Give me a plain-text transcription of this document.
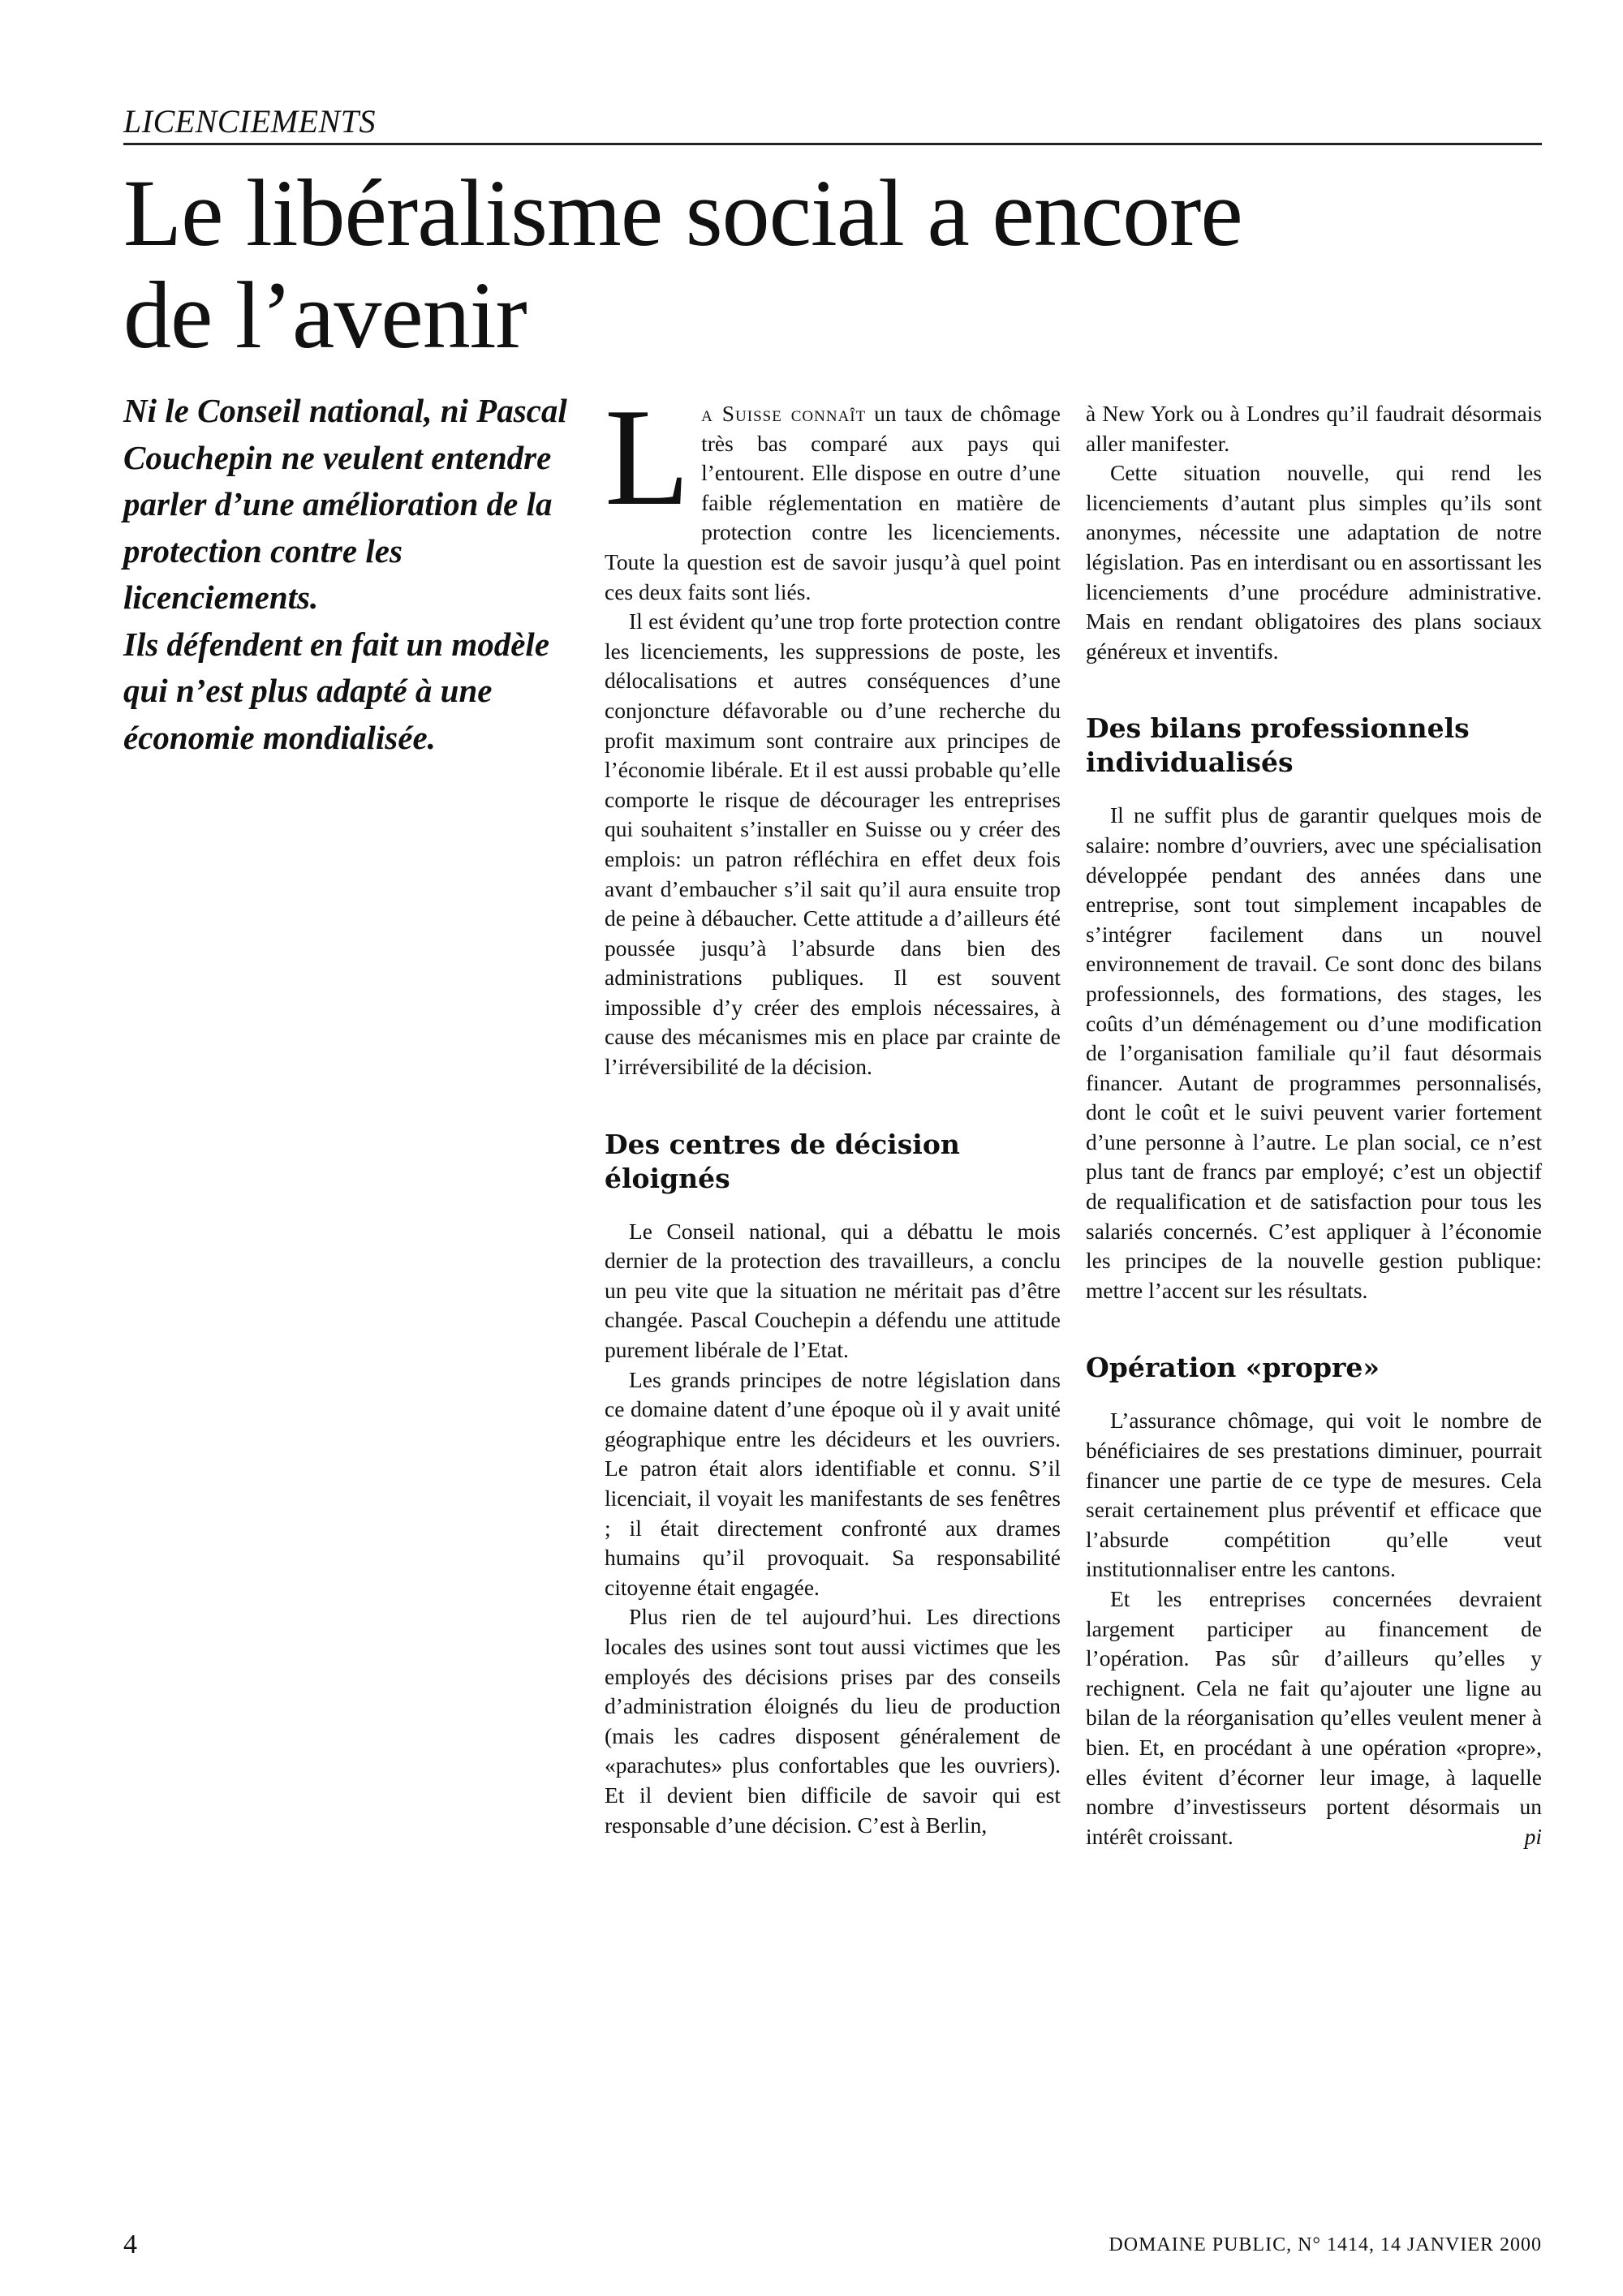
LICENCIEMENTS
Le libéralisme social a encore
de l’avenir

Ni le Conseil national, ni Pascal Couchepin ne veulent entendre parler d’une amélioration de la protection contre les licenciements.

Ils défendent en fait un modèle qui n’est plus adapté à une économie mondialisée.

La Suisse connaît un taux de chômage très bas comparé aux pays qui l’entourent. Elle dispose en outre d’une faible réglementation en matière de protection contre les licenciements. Toute la question est de savoir jusqu’à quel point ces deux faits sont liés.

Il est évident qu’une trop forte protection contre les licenciements, les suppressions de poste, les délocalisations et autres conséquences d’une conjoncture défavorable ou d’une recherche du profit maximum sont contraire aux principes de l’économie libérale. Et il est aussi probable qu’elle comporte le risque de décourager les entreprises qui souhaitent s’installer en Suisse ou y créer des emplois: un patron réfléchira en effet deux fois avant d’embaucher s’il sait qu’il aura ensuite trop de peine à débaucher. Cette attitude a d’ailleurs été poussée jusqu’à l’absurde dans bien des administrations publiques. Il est souvent impossible d’y créer des emplois nécessaires, à cause des mécanismes mis en place par crainte de l’irréversibilité de la décision.

Des centres de décision éloignés

Le Conseil national, qui a débattu le mois dernier de la protection des travailleurs, a conclu un peu vite que la situation ne méritait pas d’être changée. Pascal Couchepin a défendu une attitude purement libérale de l’Etat.

Les grands principes de notre législation dans ce domaine datent d’une époque où il y avait unité géographique entre les décideurs et les ouvriers. Le patron était alors identifiable et connu. S’il licenciait, il voyait les manifestants de ses fenêtres ; il était directement confronté aux drames humains qu’il provoquait. Sa responsabilité citoyenne était engagée.

Plus rien de tel aujourd’hui. Les directions locales des usines sont tout aussi victimes que les employés des décisions prises par des conseils d’administration éloignés du lieu de production (mais les cadres disposent généralement de «parachutes» plus confortables que les ouvriers). Et il devient bien difficile de savoir qui est responsable d’une décision. C’est à Berlin,

à New York ou à Londres qu’il faudrait désormais aller manifester.

Cette situation nouvelle, qui rend les licenciements d’autant plus simples qu’ils sont anonymes, nécessite une adaptation de notre législation. Pas en interdisant ou en assortissant les licenciements d’une procédure administrative. Mais en rendant obligatoires des plans sociaux généreux et inventifs.

Des bilans professionnels individualisés

Il ne suffit plus de garantir quelques mois de salaire: nombre d’ouvriers, avec une spécialisation développée pendant des années dans une entreprise, sont tout simplement incapables de s’intégrer facilement dans un nouvel environnement de travail. Ce sont donc des bilans professionnels, des formations, des stages, les coûts d’un déménagement ou d’une modification de l’organisation familiale qu’il faut désormais financer. Autant de programmes personnalisés, dont le coût et le suivi peuvent varier fortement d’une personne à l’autre. Le plan social, ce n’est plus tant de francs par employé; c’est un objectif de requalification et de satisfaction pour tous les salariés concernés. C’est appliquer à l’économie les principes de la nouvelle gestion publique: mettre l’accent sur les résultats.

Opération «propre»

L’assurance chômage, qui voit le nombre de bénéficiaires de ses prestations diminuer, pourrait financer une partie de ce type de mesures. Cela serait certainement plus préventif et efficace que l’absurde compétition qu’elle veut institutionnaliser entre les cantons.

Et les entreprises concernées devraient largement participer au financement de l’opération. Pas sûr d’ailleurs qu’elles y rechignent. Cela ne fait qu’ajouter une ligne au bilan de la réorganisation qu’elles veulent mener à bien. Et, en procédant à une opération «propre», elles évitent d’écorner leur image, à laquelle nombre d’investisseurs portent désormais un intérêt croissant.	pi

4	DOMAINE PUBLIC, N° 1414, 14 JANVIER 2000
